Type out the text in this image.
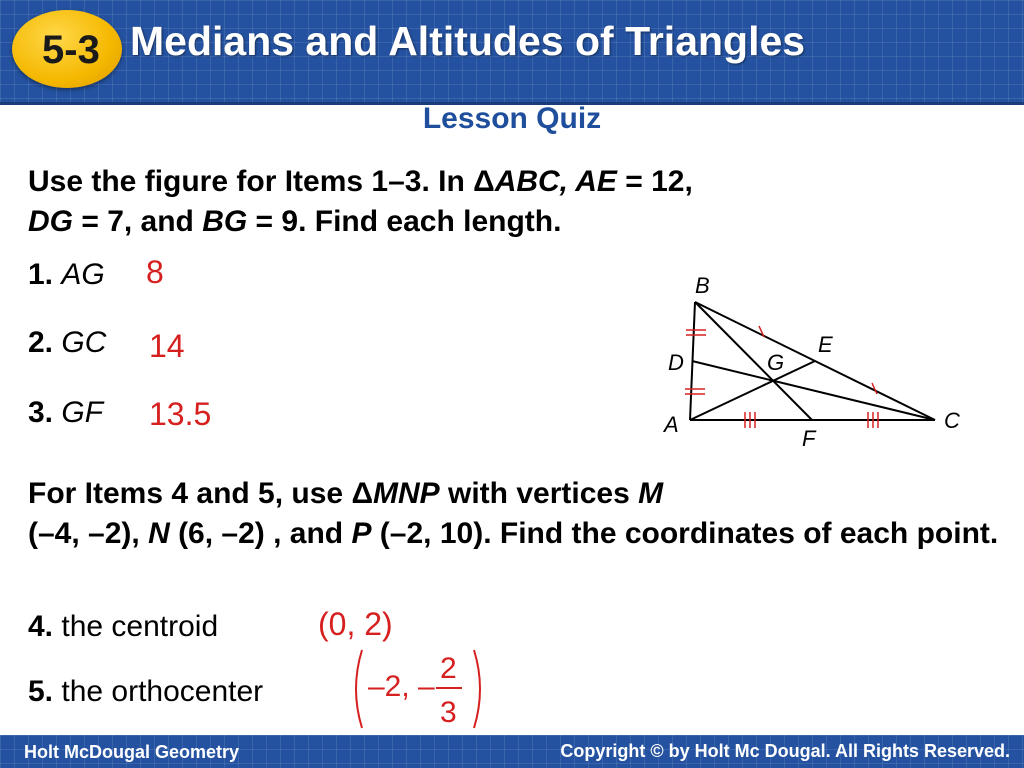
5-3 Medians and Altitudes of Triangles
Lesson Quiz
Use the figure for Items 1–3. In ΔABC, AE = 12,
DG = 7, and BG = 9. Find each length.
1. AG 8
2. GC 14
3. GF 13.5
B
E
D	G
A
F
C
For Items 4 and 5, use ΔMNP with vertices M
(–4, –2), N (6, –2) , and P (–2, 10). Find the coordinates of each point.
4. the centroid	(0, 2)
5. the orthocenter	–2, –
2
3
Holt McDougal Geometry	Copyright © by Holt Mc Dougal. All Rights Reserved.
